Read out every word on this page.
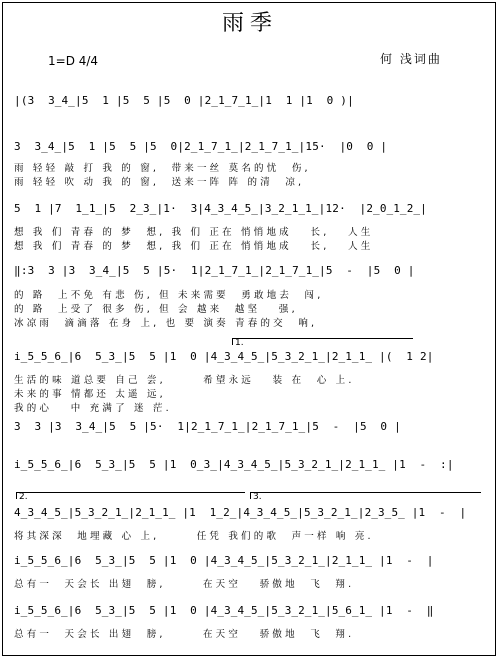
雨季
1=D 4/4	何 浅词曲
|(3  3̲4̲|5  1 |5  5 |5  0 |2̲1̲7̲1̲|1  1 |1  0 )|
3  3̲4̲|5  1 |5  5 |5  0|2̲1̲7̲1̲|2̲1̲7̲1̲|15·  |0  0 |
雨 轻轻 敲 打 我 的 窗,  带来一丝 莫名的忧  伤,
雨 轻轻 吹 动 我 的 窗,  送来一阵 阵 的清  凉,
5  1 |7  1̲1̲|5  2̲3̲|1·  3|4̲3̲4̲5̲|3̲2̲1̲1̲|12·  |2̲0̲1̲2̲|
想 我 们 青春 的 梦  想, 我 们 正在 悄悄地成   长,   人生
想 我 们 青春 的 梦  想, 我 们 正在 悄悄地成   长,   人生
‖:3  3 |3  3̲4̲|5  5 |5·  1|2̲1̲7̲1̲|2̲1̲7̲1̲|5  -  |5  0 |
的 路  上不免 有悲 伤, 但 未来需要  勇敢地去  闯,
的 路  上受了 很多 伤, 但 会 越来  越坚   强,
冰凉雨  滴滴落 在身 上, 也 要 演奏 青春的交  响,
1.
i̲5̲5̲6̲|6  5̲3̲|5  5 |1  0 |4̲3̲4̲5̲|5̲3̲2̲1̲|2̲1̲1̲ |(  1 2|
生活的味 道总要 自己 尝,      希望永远   装 在  心 上.
未来的事 情都还 太遥 远,
我的心   中 充满了 迷 茫.
3  3 |3  3̲4̲|5  5 |5·  1|2̲1̲7̲1̲|2̲1̲7̲1̲|5  -  |5  0 |
i̲5̲5̲6̲|6  5̲3̲|5  5 |1  0̲3̲|4̲3̲4̲5̲|5̲3̲2̲1̲|2̲1̲1̲ |1  -  :|
2.	3.
4̲3̲4̲5̲|5̲3̲2̲1̲|2̲1̲1̲ |1  1̲2̲|4̲3̲4̲5̲|5̲3̲2̲1̲|2̲3̲5̲ |1  -  |
将其深深  地埋藏 心 上,      任凭 我们的歌  声一样 响 亮.
i̲5̲5̲6̲|6  5̲3̲|5  5 |1  0 |4̲3̲4̲5̲|5̲3̲2̲1̲|2̲1̲1̲ |1  -  |
总有一  天会长 出翅  膀,      在天空   骄傲地  飞  翔.
i̲5̲5̲6̲|6  5̲3̲|5  5 |1  0 |4̲3̲4̲5̲|5̲3̲2̲1̲|5̲6̲1̲ |1  -  ‖
总有一  天会长 出翅  膀,      在天空   骄傲地  飞  翔.
